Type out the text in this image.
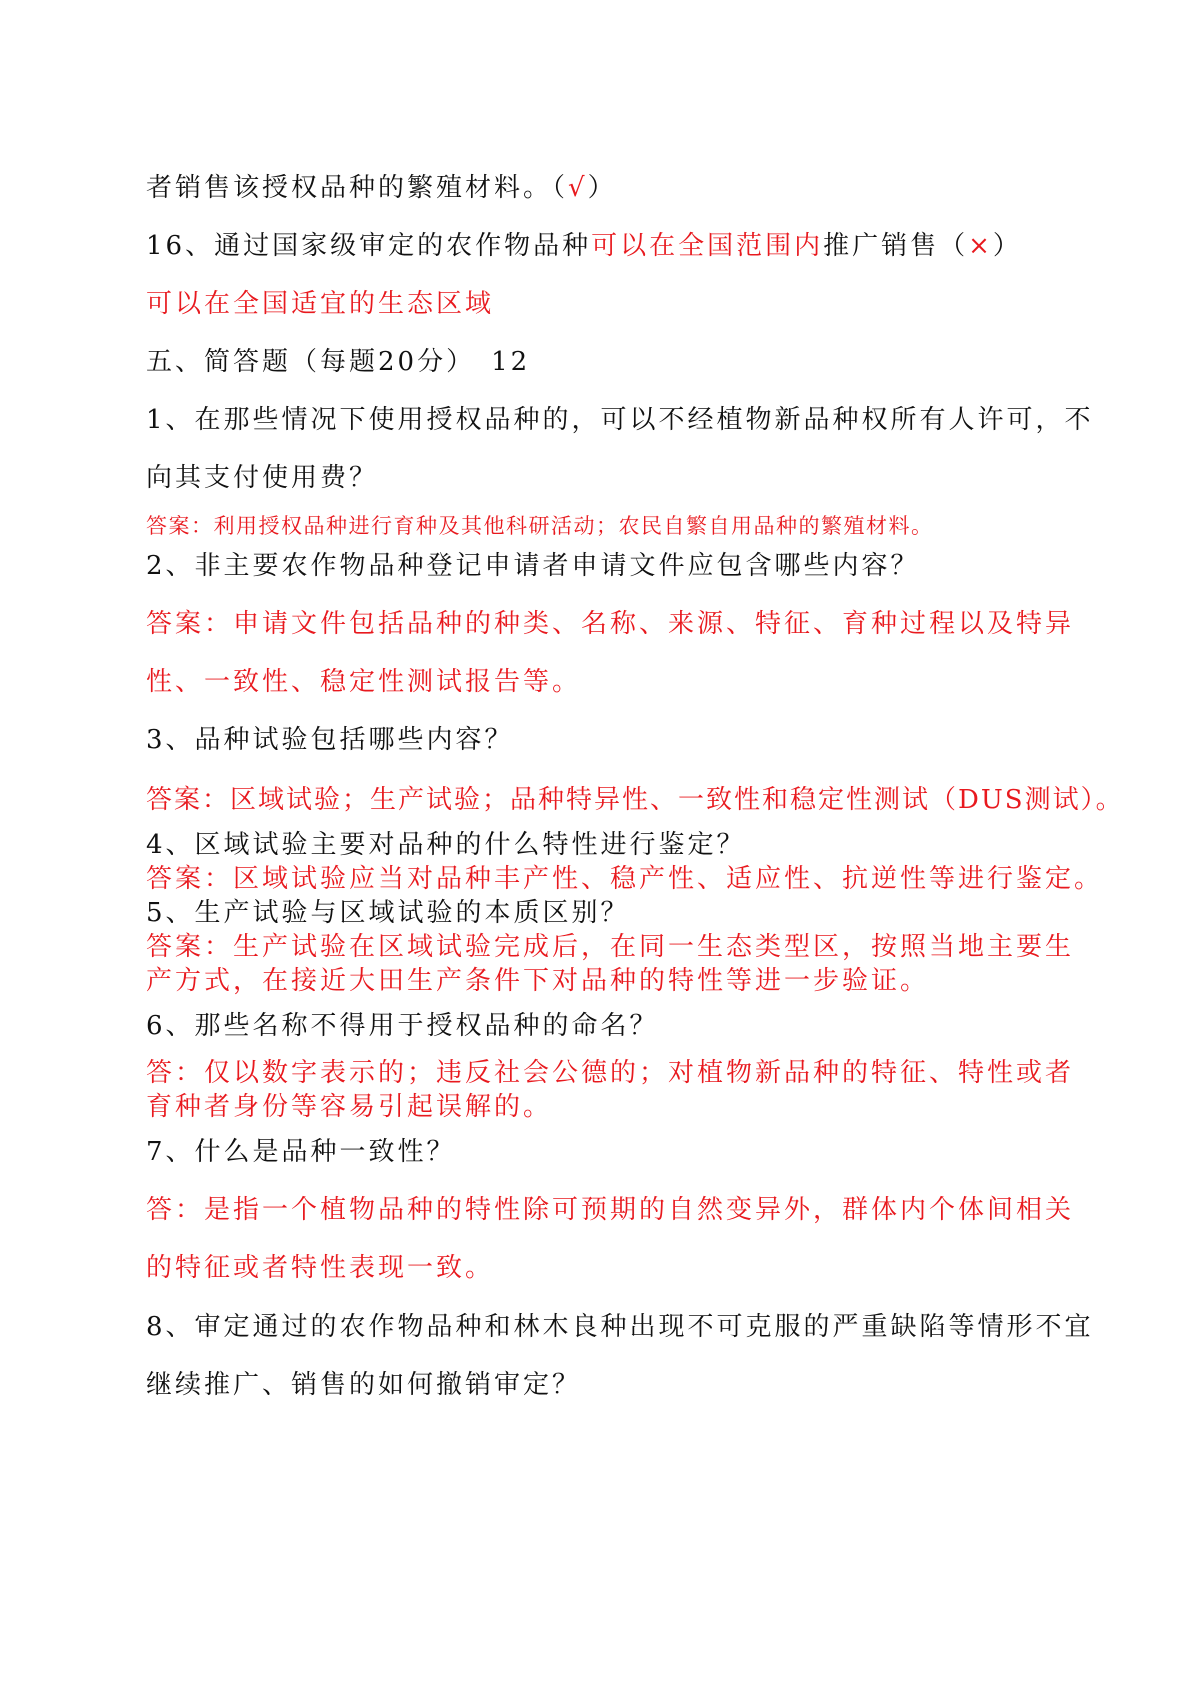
者销售该授权品种的繁殖材料。（√）
16、通过国家级审定的农作物品种可以在全国范围内推广销售（×）
可以在全国适宜的生态区域
五、简答题（每题20分）　12
1、在那些情况下使用授权品种的，可以不经植物新品种权所有人许可，不
向其支付使用费？
答案：利用授权品种进行育种及其他科研活动；农民自繁自用品种的繁殖材料。
2、非主要农作物品种登记申请者申请文件应包含哪些内容？
答案：申请文件包括品种的种类、名称、来源、特征、育种过程以及特异
性、一致性、稳定性测试报告等。
3、品种试验包括哪些内容？
答案：区域试验；生产试验；品种特异性、一致性和稳定性测试（DUS测试）。
4、区域试验主要对品种的什么特性进行鉴定？
答案：区域试验应当对品种丰产性、稳产性、适应性、抗逆性等进行鉴定。
5、生产试验与区域试验的本质区别？
答案：生产试验在区域试验完成后，在同一生态类型区，按照当地主要生
产方式，在接近大田生产条件下对品种的特性等进一步验证。
6、那些名称不得用于授权品种的命名？
答：仅以数字表示的；违反社会公德的；对植物新品种的特征、特性或者
育种者身份等容易引起误解的。
7、什么是品种一致性？
答：是指一个植物品种的特性除可预期的自然变异外，群体内个体间相关
的特征或者特性表现一致。
8、审定通过的农作物品种和林木良种出现不可克服的严重缺陷等情形不宜
继续推广、销售的如何撤销审定？
